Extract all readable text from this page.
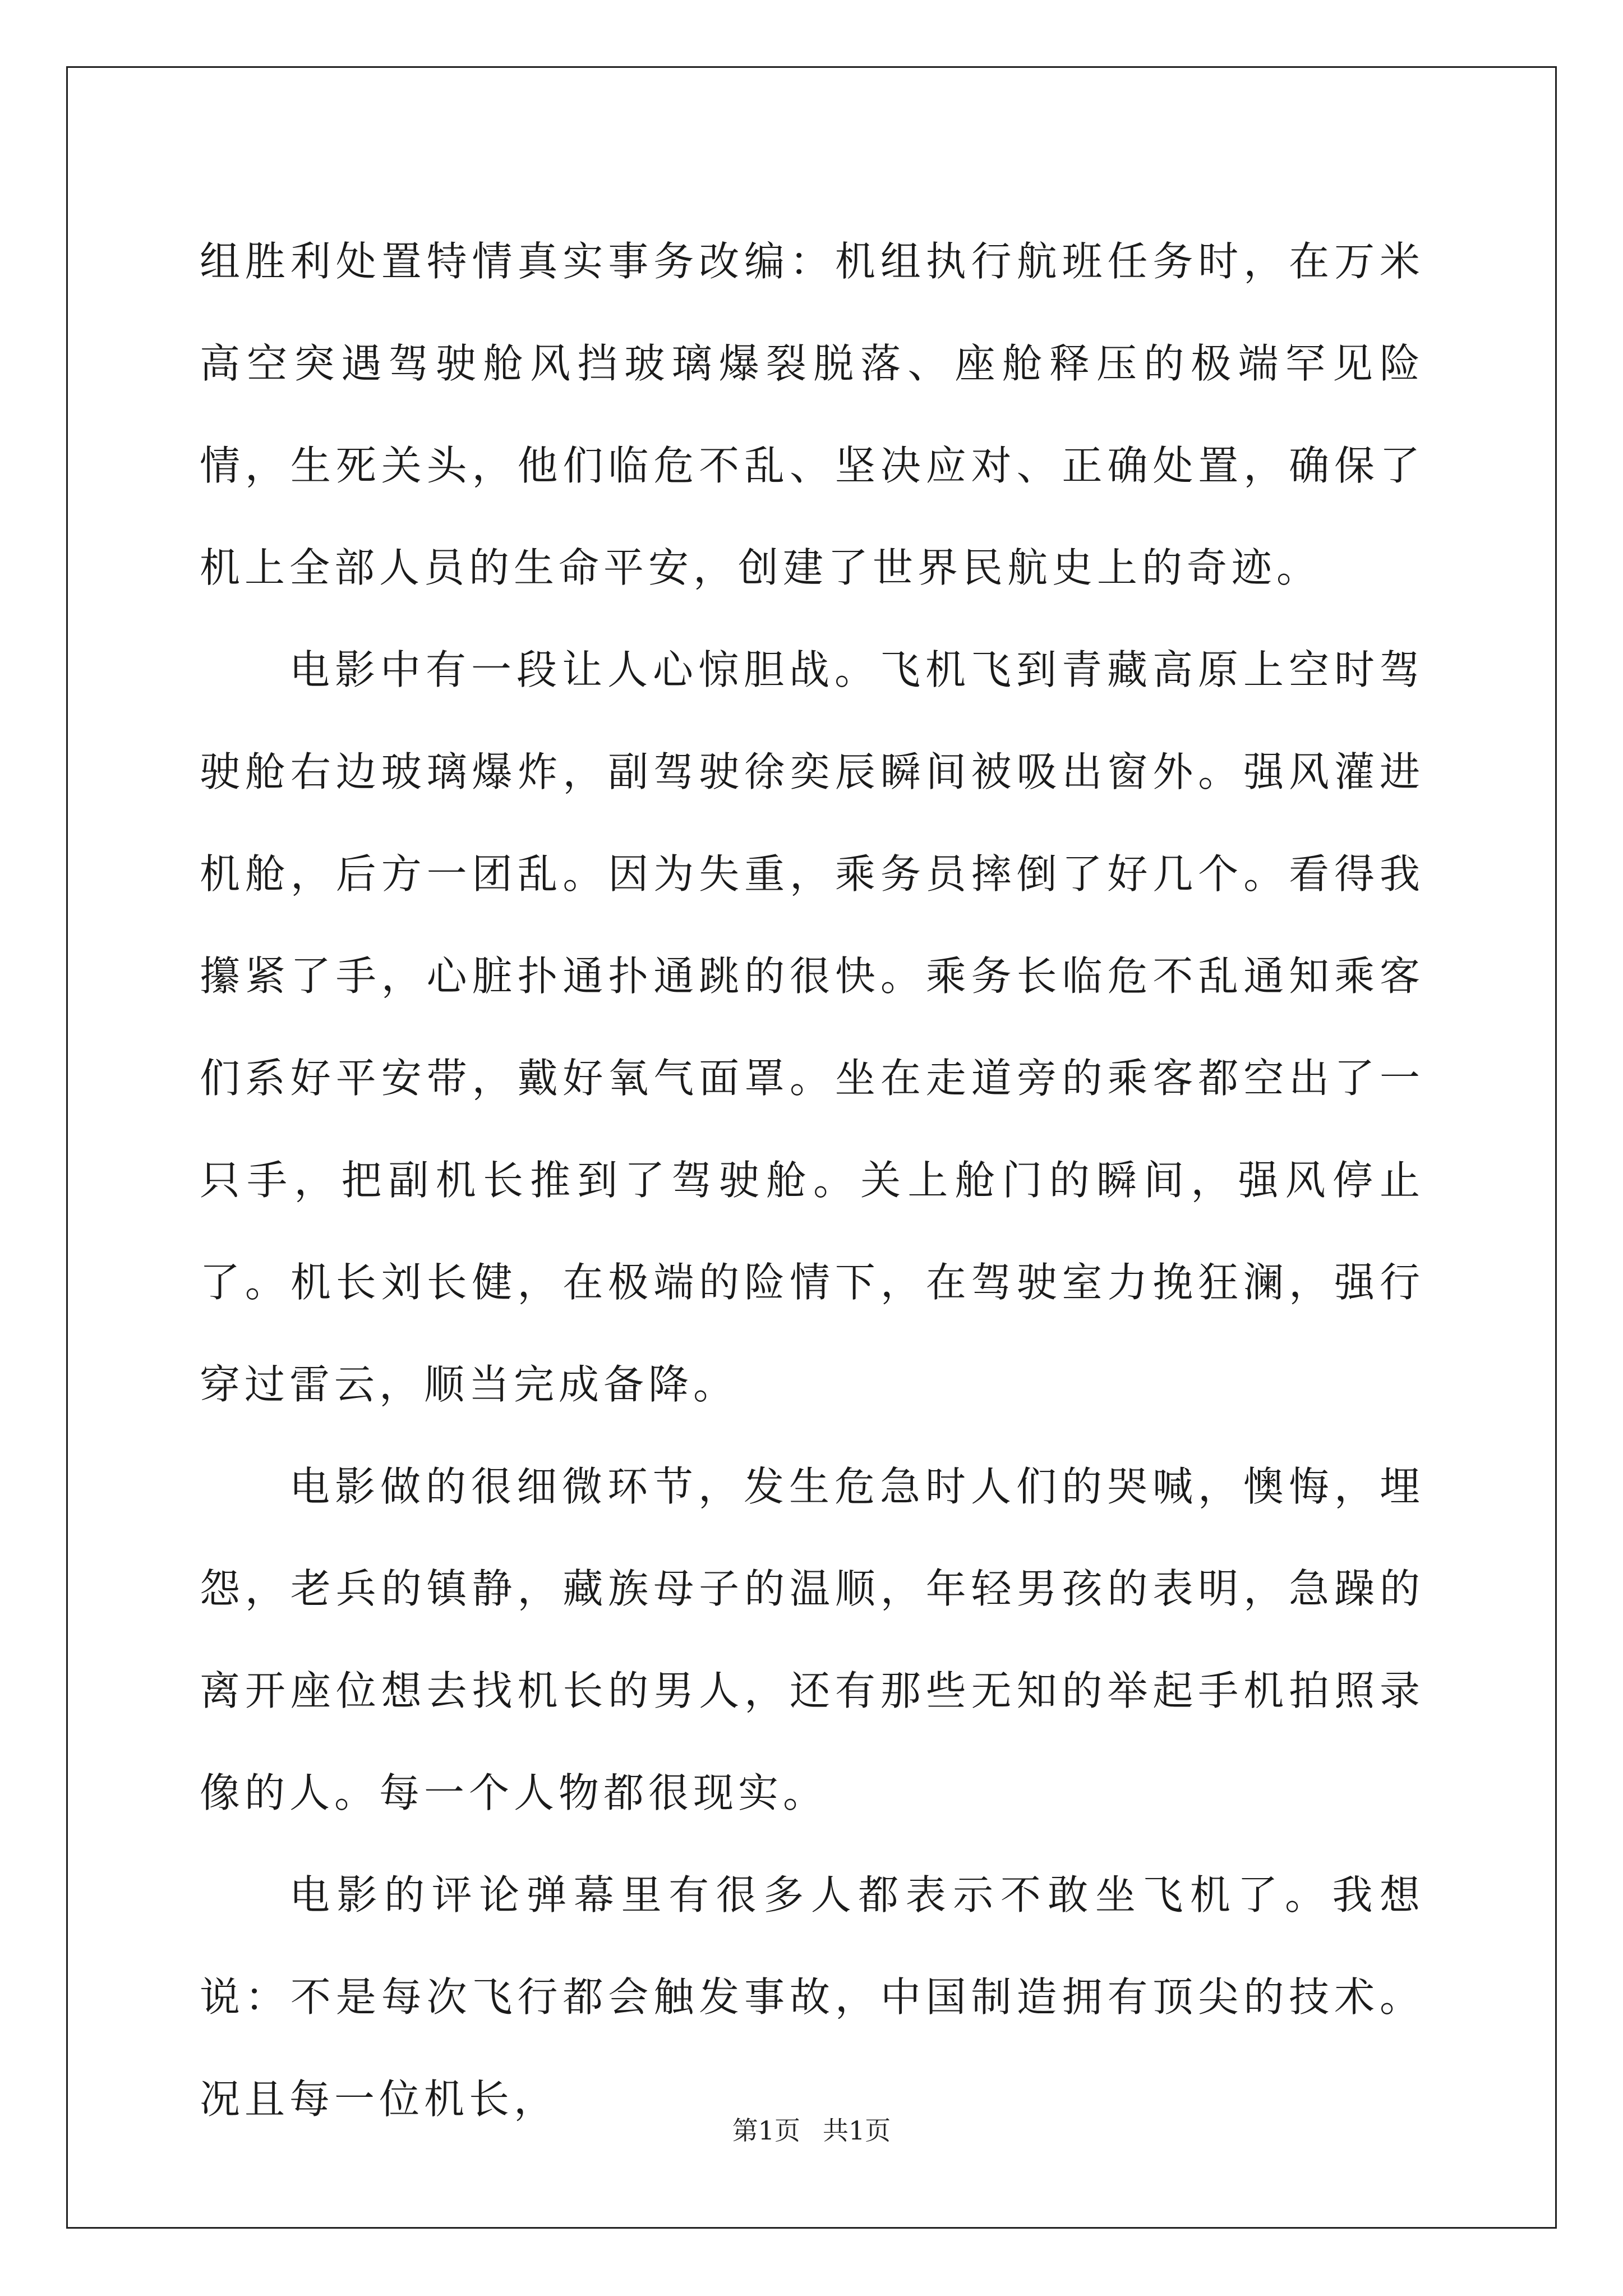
组胜利处置特情真实事务改编：机组执行航班任务时，在万米高空突遇驾驶舱风挡玻璃爆裂脱落、座舱释压的极端罕见险情，生死关头，他们临危不乱、坚决应对、正确处置，确保了机上全部人员的生命平安，创建了世界民航史上的奇迹。

电影中有一段让人心惊胆战。飞机飞到青藏高原上空时驾驶舱右边玻璃爆炸，副驾驶徐奕辰瞬间被吸出窗外。强风灌进机舱，后方一团乱。因为失重，乘务员摔倒了好几个。看得我攥紧了手，心脏扑通扑通跳的很快。乘务长临危不乱通知乘客们系好平安带，戴好氧气面罩。坐在走道旁的乘客都空出了一只手，把副机长推到了驾驶舱。关上舱门的瞬间，强风停止了。机长刘长健，在极端的险情下，在驾驶室力挽狂澜，强行穿过雷云，顺当完成备降。

电影做的很细微环节，发生危急时人们的哭喊，懊悔，埋怨，老兵的镇静，藏族母子的温顺，年轻男孩的表明，急躁的离开座位想去找机长的男人，还有那些无知的举起手机拍照录像的人。每一个人物都很现实。

电影的评论弹幕里有很多人都表示不敢坐飞机了。我想说：不是每次飞行都会触发事故，中国制造拥有顶尖的技术。况且每一位机长，

第1页 共1页
